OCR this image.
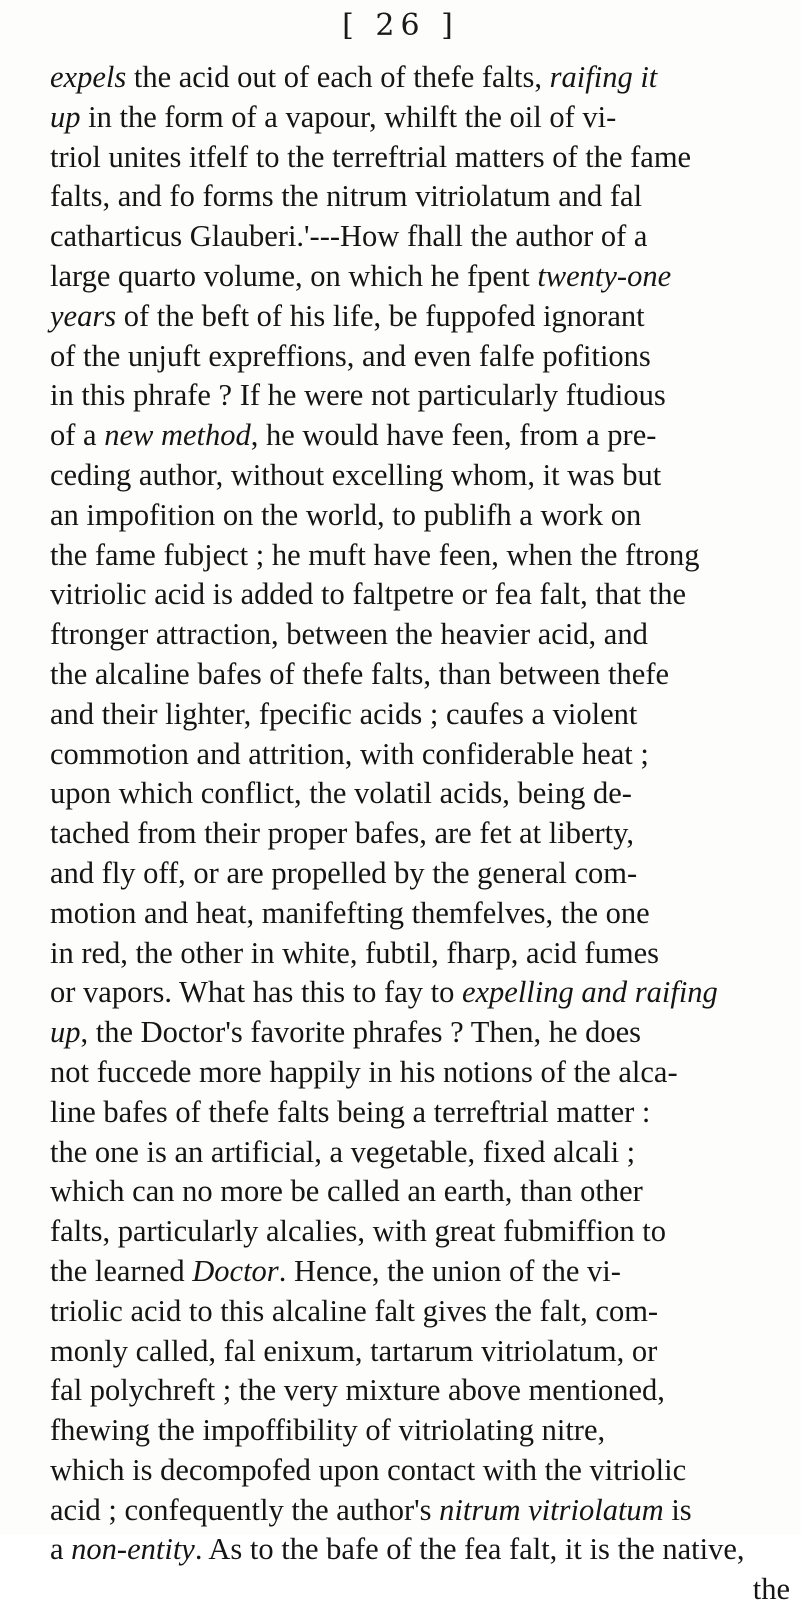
[ 26 ]
expels the acid out of each of thefe falts, raifing it
up in the form of a vapour, whilft the oil of vi-
triol unites itfelf to the terreftrial matters of the fame
falts, and fo forms the nitrum vitriolatum and fal
catharticus Glauberi.'---How fhall the author of a
large quarto volume, on which he fpent twenty-one
years of the beft of his life, be fuppofed ignorant
of the unjuft expreffions, and even falfe pofitions
in this phrafe ? If he were not particularly ftudious
of a new method, he would have feen, from a pre-
ceding author, without excelling whom, it was but
an impofition on the world, to publifh a work on
the fame fubject ; he muft have feen, when the ftrong
vitriolic acid is added to faltpetre or fea falt, that the
ftronger attraction, between the heavier acid, and
the alcaline bafes of thefe falts, than between thefe
and their lighter, fpecific acids ; caufes a violent
commotion and attrition, with confiderable heat ;
upon which conflict, the volatil acids, being de-
tached from their proper bafes, are fet at liberty,
and fly off, or are propelled by the general com-
motion and heat, manifefting themfelves, the one
in red, the other in white, fubtil, fharp, acid fumes
or vapors. What has this to fay to expelling and raifing
up, the Doctor's favorite phrafes ? Then, he does
not fuccede more happily in his notions of the alca-
line bafes of thefe falts being a terreftrial matter :
the one is an artificial, a vegetable, fixed alcali ;
which can no more be called an earth, than other
falts, particularly alcalies, with great fubmiffion to
the learned Doctor. Hence, the union of the vi-
triolic acid to this alcaline falt gives the falt, com-
monly called, fal enixum, tartarum vitriolatum, or
fal polychreft ; the very mixture above mentioned,
fhewing the impoffibility of vitriolating nitre,
which is decompofed upon contact with the vitriolic
acid ; confequently the author's nitrum vitriolatum is
a non-entity. As to the bafe of the fea falt, it is the native,
the
